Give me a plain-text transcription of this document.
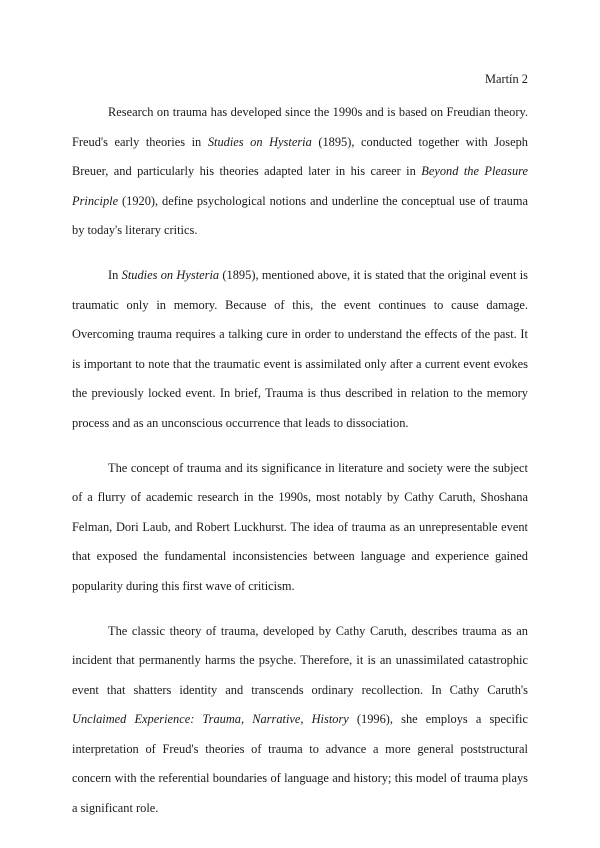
Martín 2

Research on trauma has developed since the 1990s and is based on Freudian theory. Freud's early theories in Studies on Hysteria (1895), conducted together with Joseph Breuer, and particularly his theories adapted later in his career in Beyond the Pleasure Principle (1920), define psychological notions and underline the conceptual use of trauma by today's literary critics.

In Studies on Hysteria (1895), mentioned above, it is stated that the original event is traumatic only in memory. Because of this, the event continues to cause damage. Overcoming trauma requires a talking cure in order to understand the effects of the past. It is important to note that the traumatic event is assimilated only after a current event evokes the previously locked event. In brief, Trauma is thus described in relation to the memory process and as an unconscious occurrence that leads to dissociation.

The concept of trauma and its significance in literature and society were the subject of a flurry of academic research in the 1990s, most notably by Cathy Caruth, Shoshana Felman, Dori Laub, and Robert Luckhurst. The idea of trauma as an unrepresentable event that exposed the fundamental inconsistencies between language and experience gained popularity during this first wave of criticism.

The classic theory of trauma, developed by Cathy Caruth, describes trauma as an incident that permanently harms the psyche. Therefore, it is an unassimilated catastrophic event that shatters identity and transcends ordinary recollection. In Cathy Caruth's Unclaimed Experience: Trauma, Narrative, History (1996), she employs a specific interpretation of Freud's theories of trauma to advance a more general poststructural concern with the referential boundaries of language and history; this model of trauma plays a significant role.
